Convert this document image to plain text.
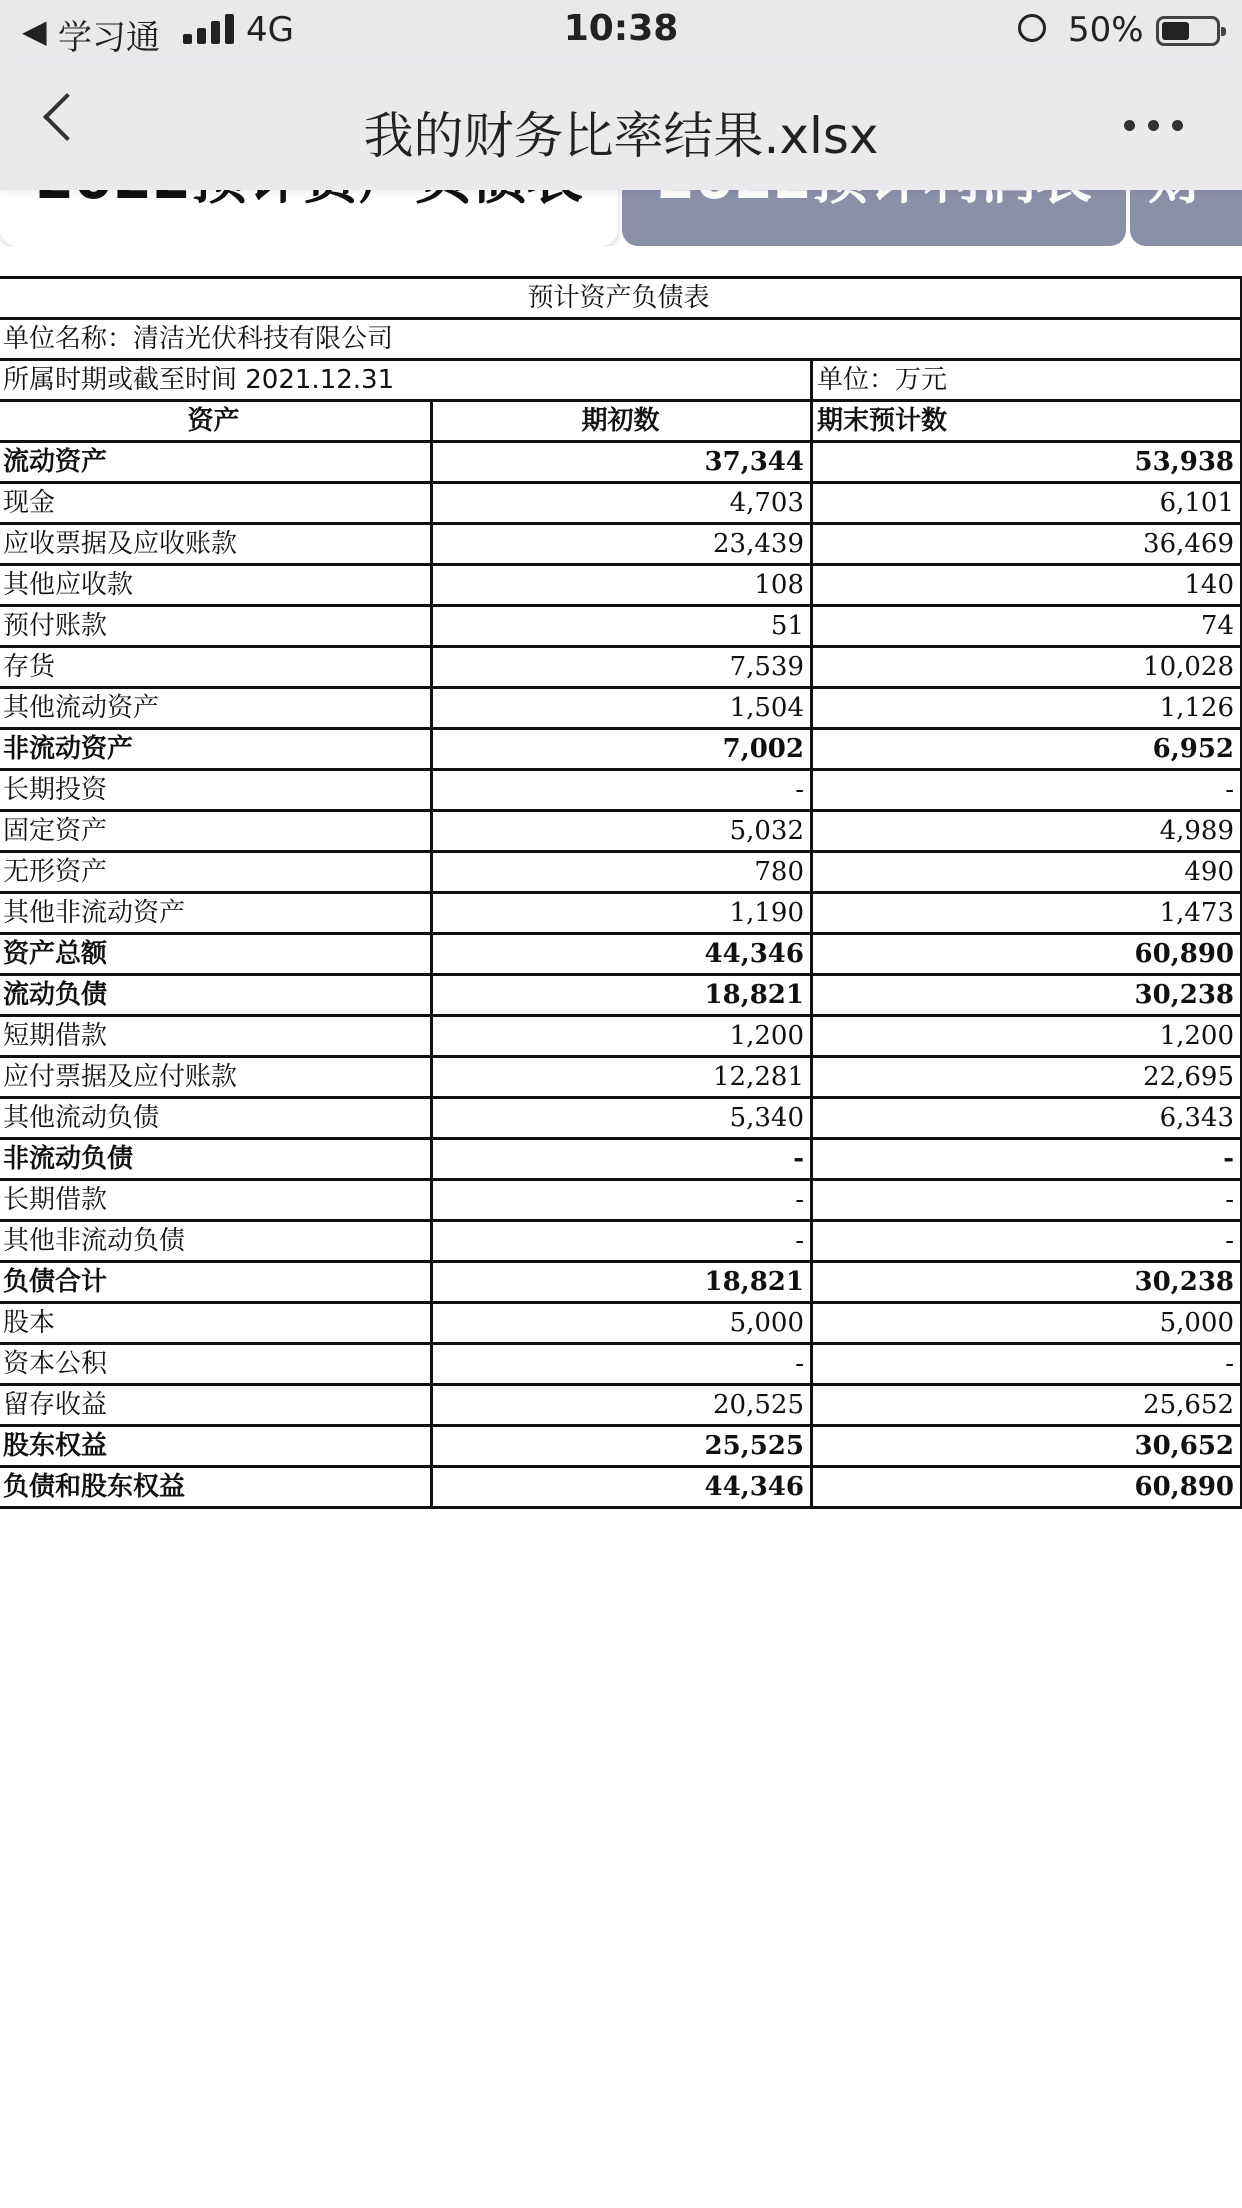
◀ 学习通	4G	10:38	50%
我的财务比率结果.xlsx
预计资产负债表		
单位名称：清洁光伏科技有限公司		
所属时期或截至时间 2021.12.31		单位：万元
资产	期初数	期末预计数
流动资产	37,344	53,938
现金	4,703	6,101
应收票据及应收账款	23,439	36,469
其他应收款	108	140
预付账款	51	74
存货	7,539	10,028
其他流动资产	1,504	1,126
非流动资产	7,002	6,952
长期投资	-	-
固定资产	5,032	4,989
无形资产	780	490
其他非流动资产	1,190	1,473
资产总额	44,346	60,890
流动负债	18,821	30,238
短期借款	1,200	1,200
应付票据及应付账款	12,281	22,695
其他流动负债	5,340	6,343
非流动负债	-	-
长期借款	-	-
其他非流动负债	-	-
负债合计	18,821	30,238
股本	5,000	5,000
资本公积	-	-
留存收益	20,525	25,652
股东权益	25,525	30,652
负债和股东权益	44,346	60,890
